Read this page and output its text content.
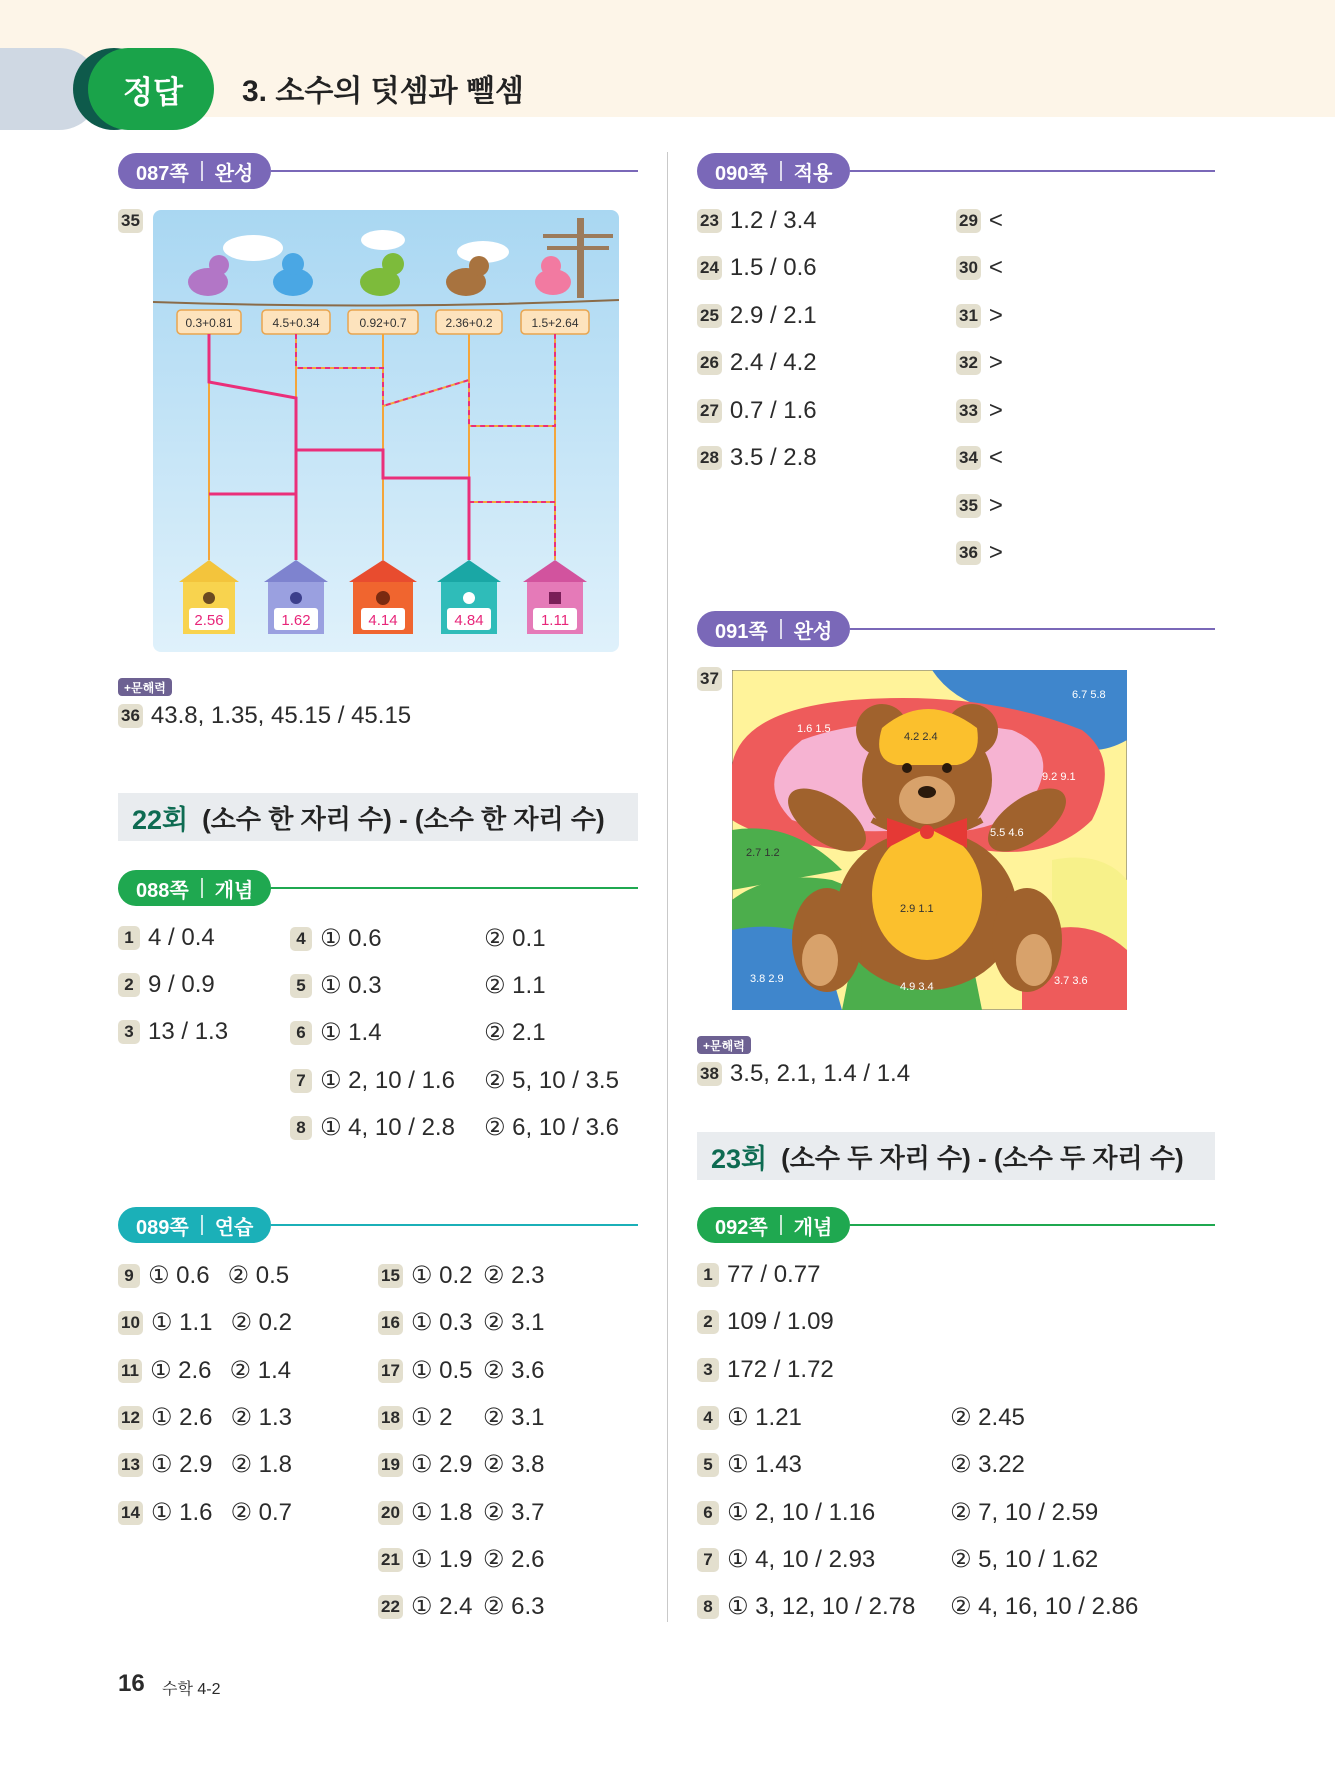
정답	3. 소수의 덧셈과 뺄셈
087쪽 완성
35
0.3+0.81	4.5+0.34	0.92+0.7	2.36+0.2	1.5+2.64
2.56	1.62	4.14	4.84	1.11
+문해력
36 43.8, 1.35, 45.15 / 45.15
22회 (소수 한 자리 수) - (소수 한 자리 수)
088쪽 개념
1 4 / 0.4
2 9 / 0.9
3 13 / 1.3
4 ① 0.6	② 0.1
5 ① 0.3	② 1.1
6 ① 1.4	② 2.1
7 ① 2, 10 / 1.6 ② 5, 10 / 3.5
8 ① 4, 10 / 2.8 ② 6, 10 / 3.6
089쪽 연습
9 ① 0.6 ② 0.5
10 ① 1.1 ② 0.2
11 ① 2.6 ② 1.4
12 ① 2.6 ② 1.3
13 ① 2.9 ② 1.8
14 ① 1.6 ② 0.7
15 ① 0.2 ② 2.3
16 ① 0.3 ② 3.1
17 ① 0.5 ② 3.6
18 ① 2	② 3.1
19 ① 2.9 ② 3.8
20 ① 1.8 ② 3.7
21 ① 1.9 ② 2.6
22 ① 2.4 ② 6.3
090쪽 적용
23 1.2 / 3.4
24 1.5 / 0.6
25 2.9 / 2.1
26 2.4 / 4.2
27 0.7 / 1.6
28 3.5 / 2.8
29 <
30 <
31 >
32 >
33 >
34 <
35 >
36 >
091쪽 완성
37
6.7 5.8
1.6 1.5
4.2 2.4
9.2 9.1
5.5 4.6
2.7 1.2
2.9 1.1
3.8 2.9
4.9 3.4	3.7 3.6
+문해력
38 3.5, 2.1, 1.4 / 1.4
23회 (소수 두 자리 수) - (소수 두 자리 수)
092쪽 개념
1 77 / 0.77
2 109 / 1.09
3 172 / 1.72
4 ① 1.21	② 2.45
5 ① 1.43	② 3.22
6 ① 2, 10 / 1.16	② 7, 10 / 2.59
7 ① 4, 10 / 2.93	② 5, 10 / 1.62
8 ① 3, 12, 10 / 2.78 ② 4, 16, 10 / 2.86
16 수학 4-2
